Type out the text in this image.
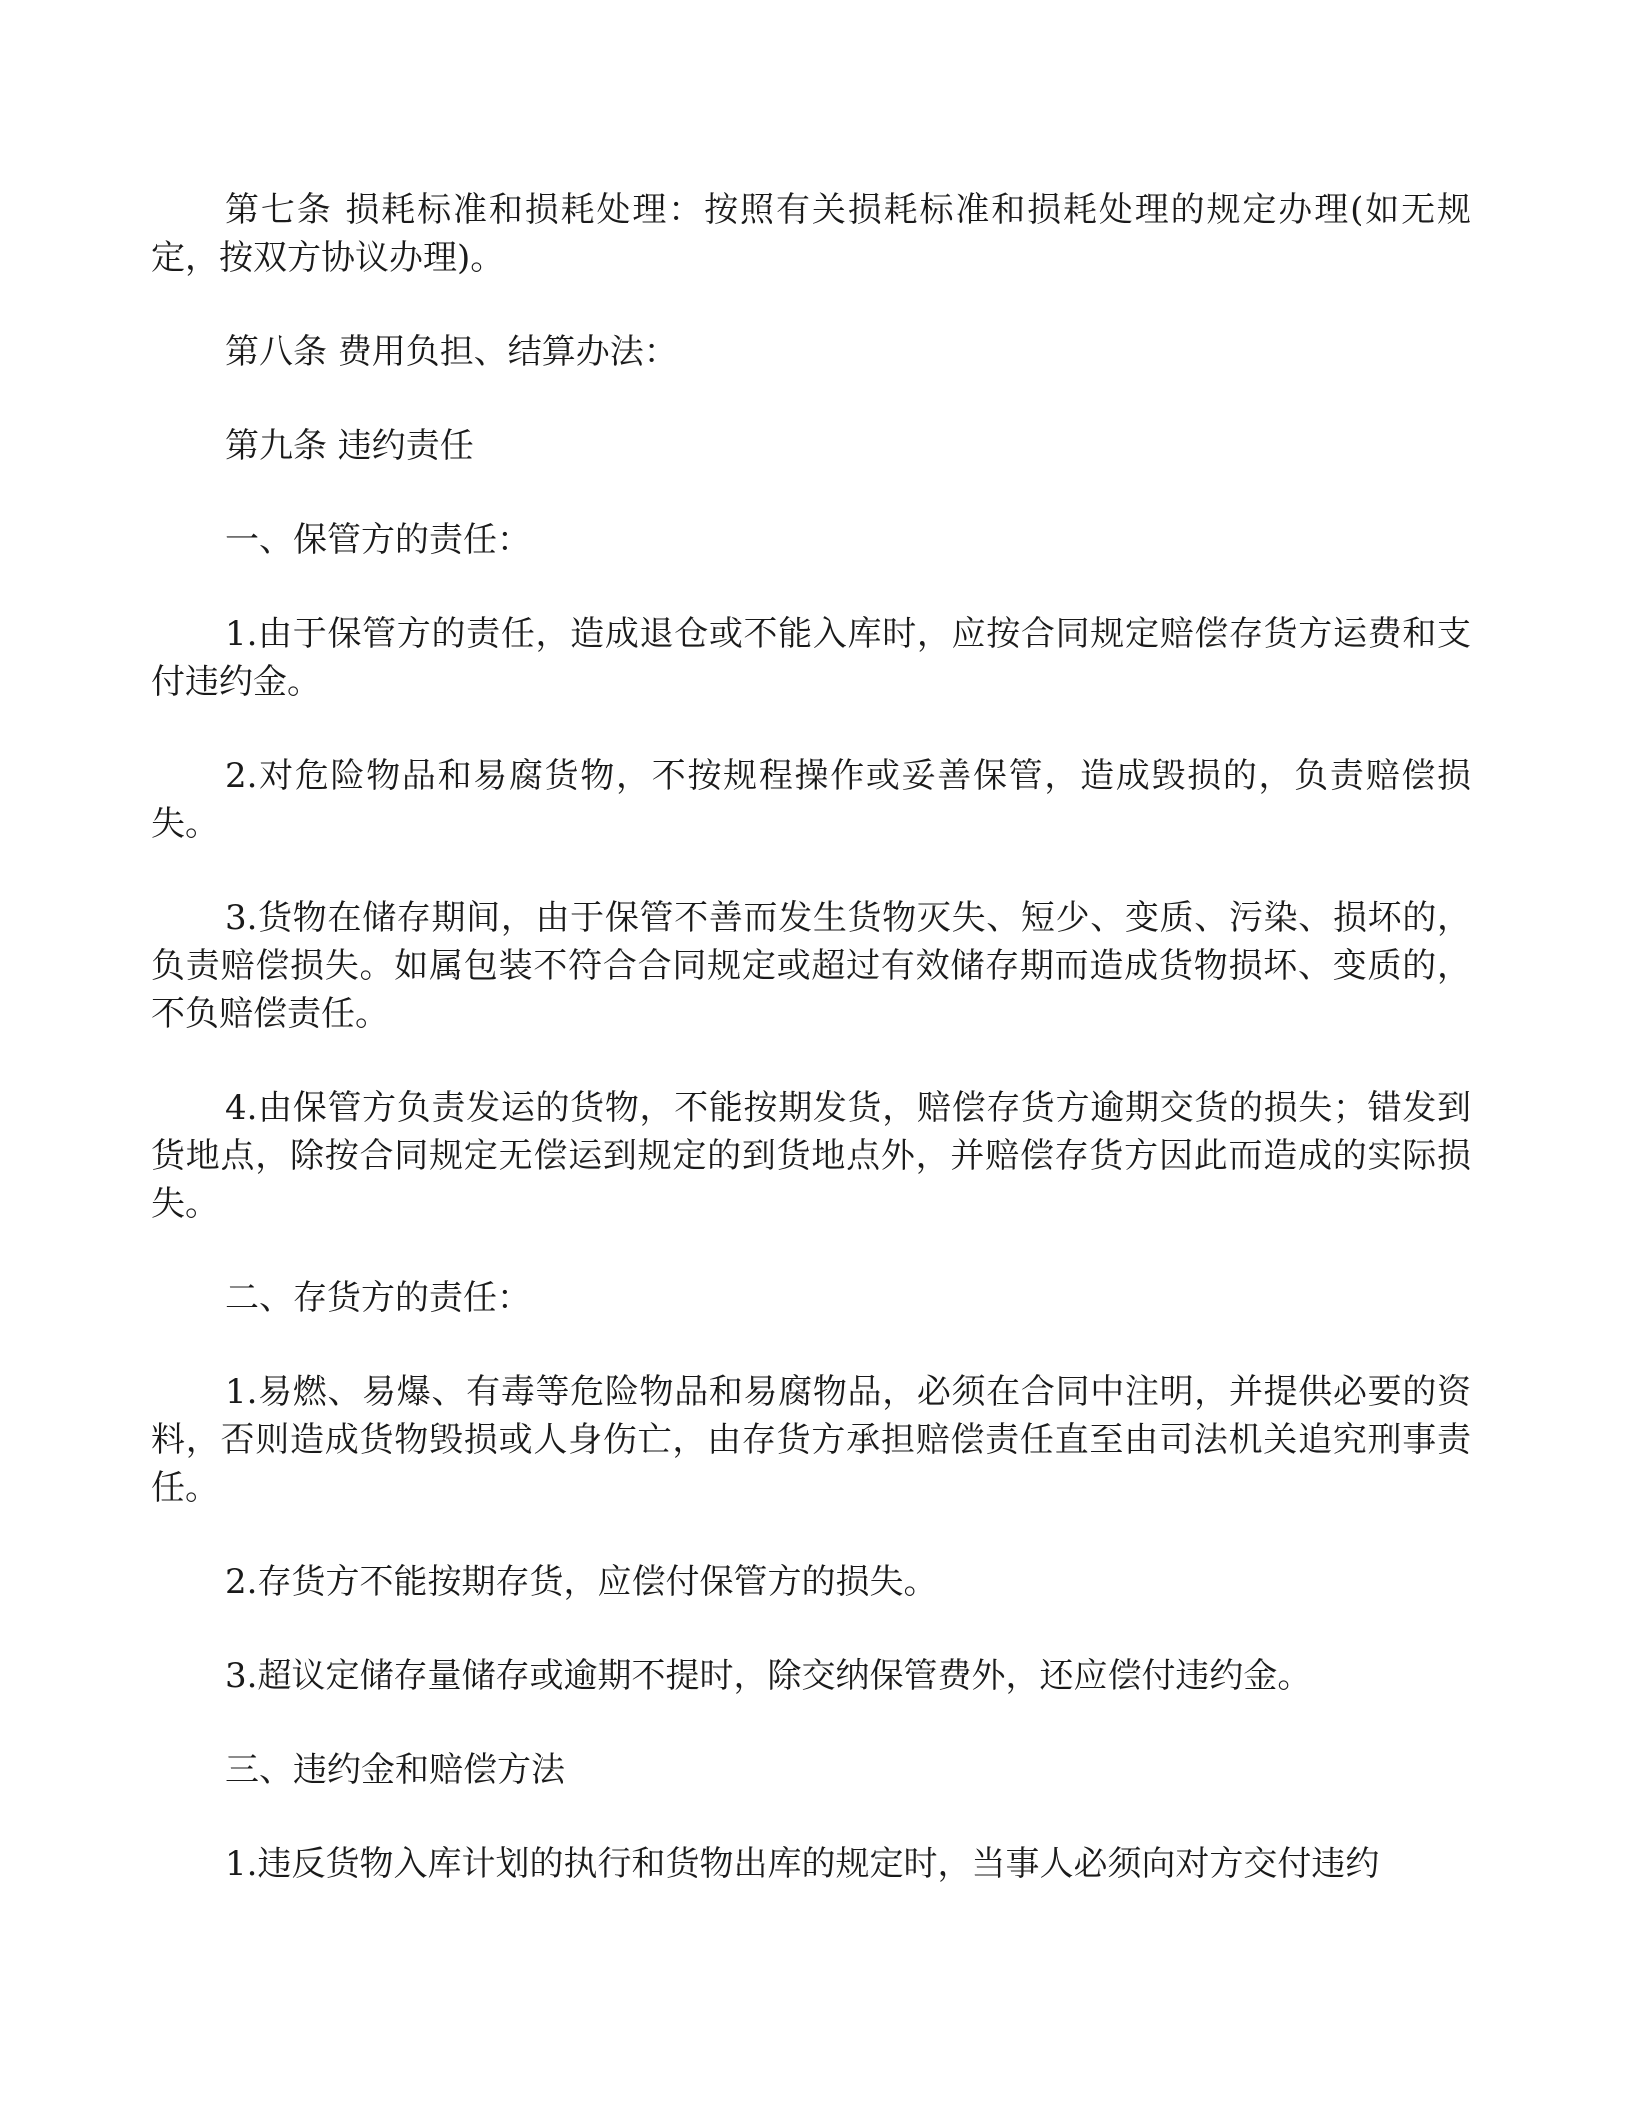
第七条 损耗标准和损耗处理：按照有关损耗标准和损耗处理的规定办理(如无规定，按双方协议办理)。

第八条 费用负担、结算办法：

第九条 违约责任

一、保管方的责任：

1.由于保管方的责任，造成退仓或不能入库时，应按合同规定赔偿存货方运费和支付违约金。

2.对危险物品和易腐货物，不按规程操作或妥善保管，造成毁损的，负责赔偿损失。

3.货物在储存期间，由于保管不善而发生货物灭失、短少、变质、污染、损坏的，负责赔偿损失。如属包装不符合合同规定或超过有效储存期而造成货物损坏、变质的，不负赔偿责任。

4.由保管方负责发运的货物，不能按期发货，赔偿存货方逾期交货的损失；错发到货地点，除按合同规定无偿运到规定的到货地点外，并赔偿存货方因此而造成的实际损失。

二、存货方的责任：

1.易燃、易爆、有毒等危险物品和易腐物品，必须在合同中注明，并提供必要的资料，否则造成货物毁损或人身伤亡，由存货方承担赔偿责任直至由司法机关追究刑事责任。

2.存货方不能按期存货，应偿付保管方的损失。

3.超议定储存量储存或逾期不提时，除交纳保管费外，还应偿付违约金。

三、违约金和赔偿方法

1.违反货物入库计划的执行和货物出库的规定时，当事人必须向对方交付违约
